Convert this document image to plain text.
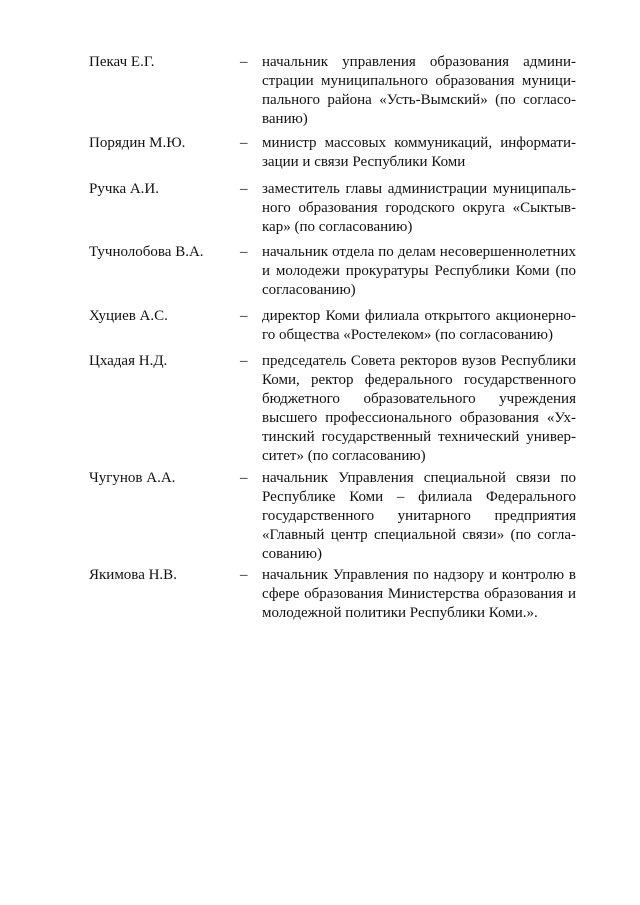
Пекач Е.Г.	– начальник управления образования админи-
страции муниципального образования муници-
пального района «Усть-Вымский» (по согласо-
ванию)
Порядин М.Ю.	– министр массовых коммуникаций, информати-
зации и связи Республики Коми
Ручка А.И.	– заместитель главы администрации муниципаль-
ного образования городского округа «Сыктыв-
кар» (по согласованию)
Тучнолобова В.А. – начальник отдела по делам несовершеннолетних
и молодежи прокуратуры Республики Коми (по
согласованию)
Хуциев А.С.	– директор Коми филиала открытого акционерно-
го общества «Ростелеком» (по согласованию)
Цхадая Н.Д.	– председатель Совета ректоров вузов Республики
Коми, ректор федерального государственного
бюджетного образовательного учреждения
высшего профессионального образования «Ух-
тинский государственный технический универ-
ситет» (по согласованию)
Чугунов А.А.	– начальник Управления специальной связи по
Республике Коми – филиала Федерального
государственного унитарного предприятия
«Главный центр специальной связи» (по согла-
сованию)
Якимова Н.В.	– начальник Управления по надзору и контролю в
сфере образования Министерства образования и
молодежной политики Республики Коми.».
